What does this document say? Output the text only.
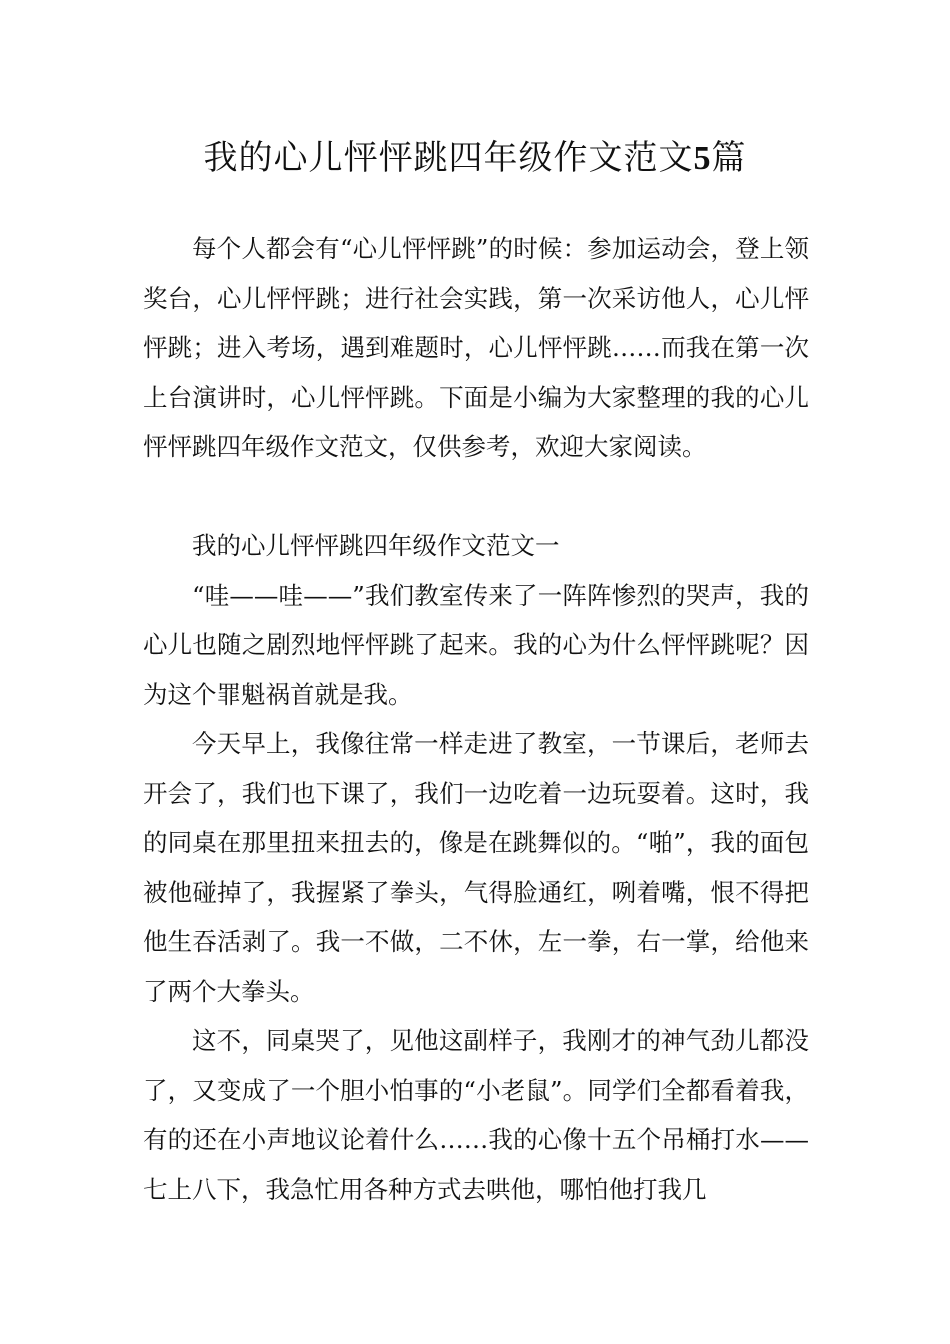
我的心儿怦怦跳四年级作文范文5篇

每个人都会有“心儿怦怦跳”的时候：参加运动会，登上领奖台，心儿怦怦跳；进行社会实践，第一次采访他人，心儿怦怦跳；进入考场，遇到难题时，心儿怦怦跳……而我在第一次上台演讲时，心儿怦怦跳。下面是小编为大家整理的我的心儿怦怦跳四年级作文范文，仅供参考，欢迎大家阅读。

我的心儿怦怦跳四年级作文范文一

“哇——哇——”我们教室传来了一阵阵惨烈的哭声，我的心儿也随之剧烈地怦怦跳了起来。我的心为什么怦怦跳呢？因为这个罪魁祸首就是我。

今天早上，我像往常一样走进了教室，一节课后，老师去开会了，我们也下课了，我们一边吃着一边玩耍着。这时，我的同桌在那里扭来扭去的，像是在跳舞似的。“啪”，我的面包被他碰掉了，我握紧了拳头，气得脸通红，咧着嘴，恨不得把他生吞活剥了。我一不做，二不休，左一拳，右一掌，给他来了两个大拳头。

这不，同桌哭了，见他这副样子，我刚才的神气劲儿都没了，又变成了一个胆小怕事的“小老鼠”。同学们全都看着我，有的还在小声地议论着什么……我的心像十五个吊桶打水——七上八下，我急忙用各种方式去哄他，哪怕他打我几
